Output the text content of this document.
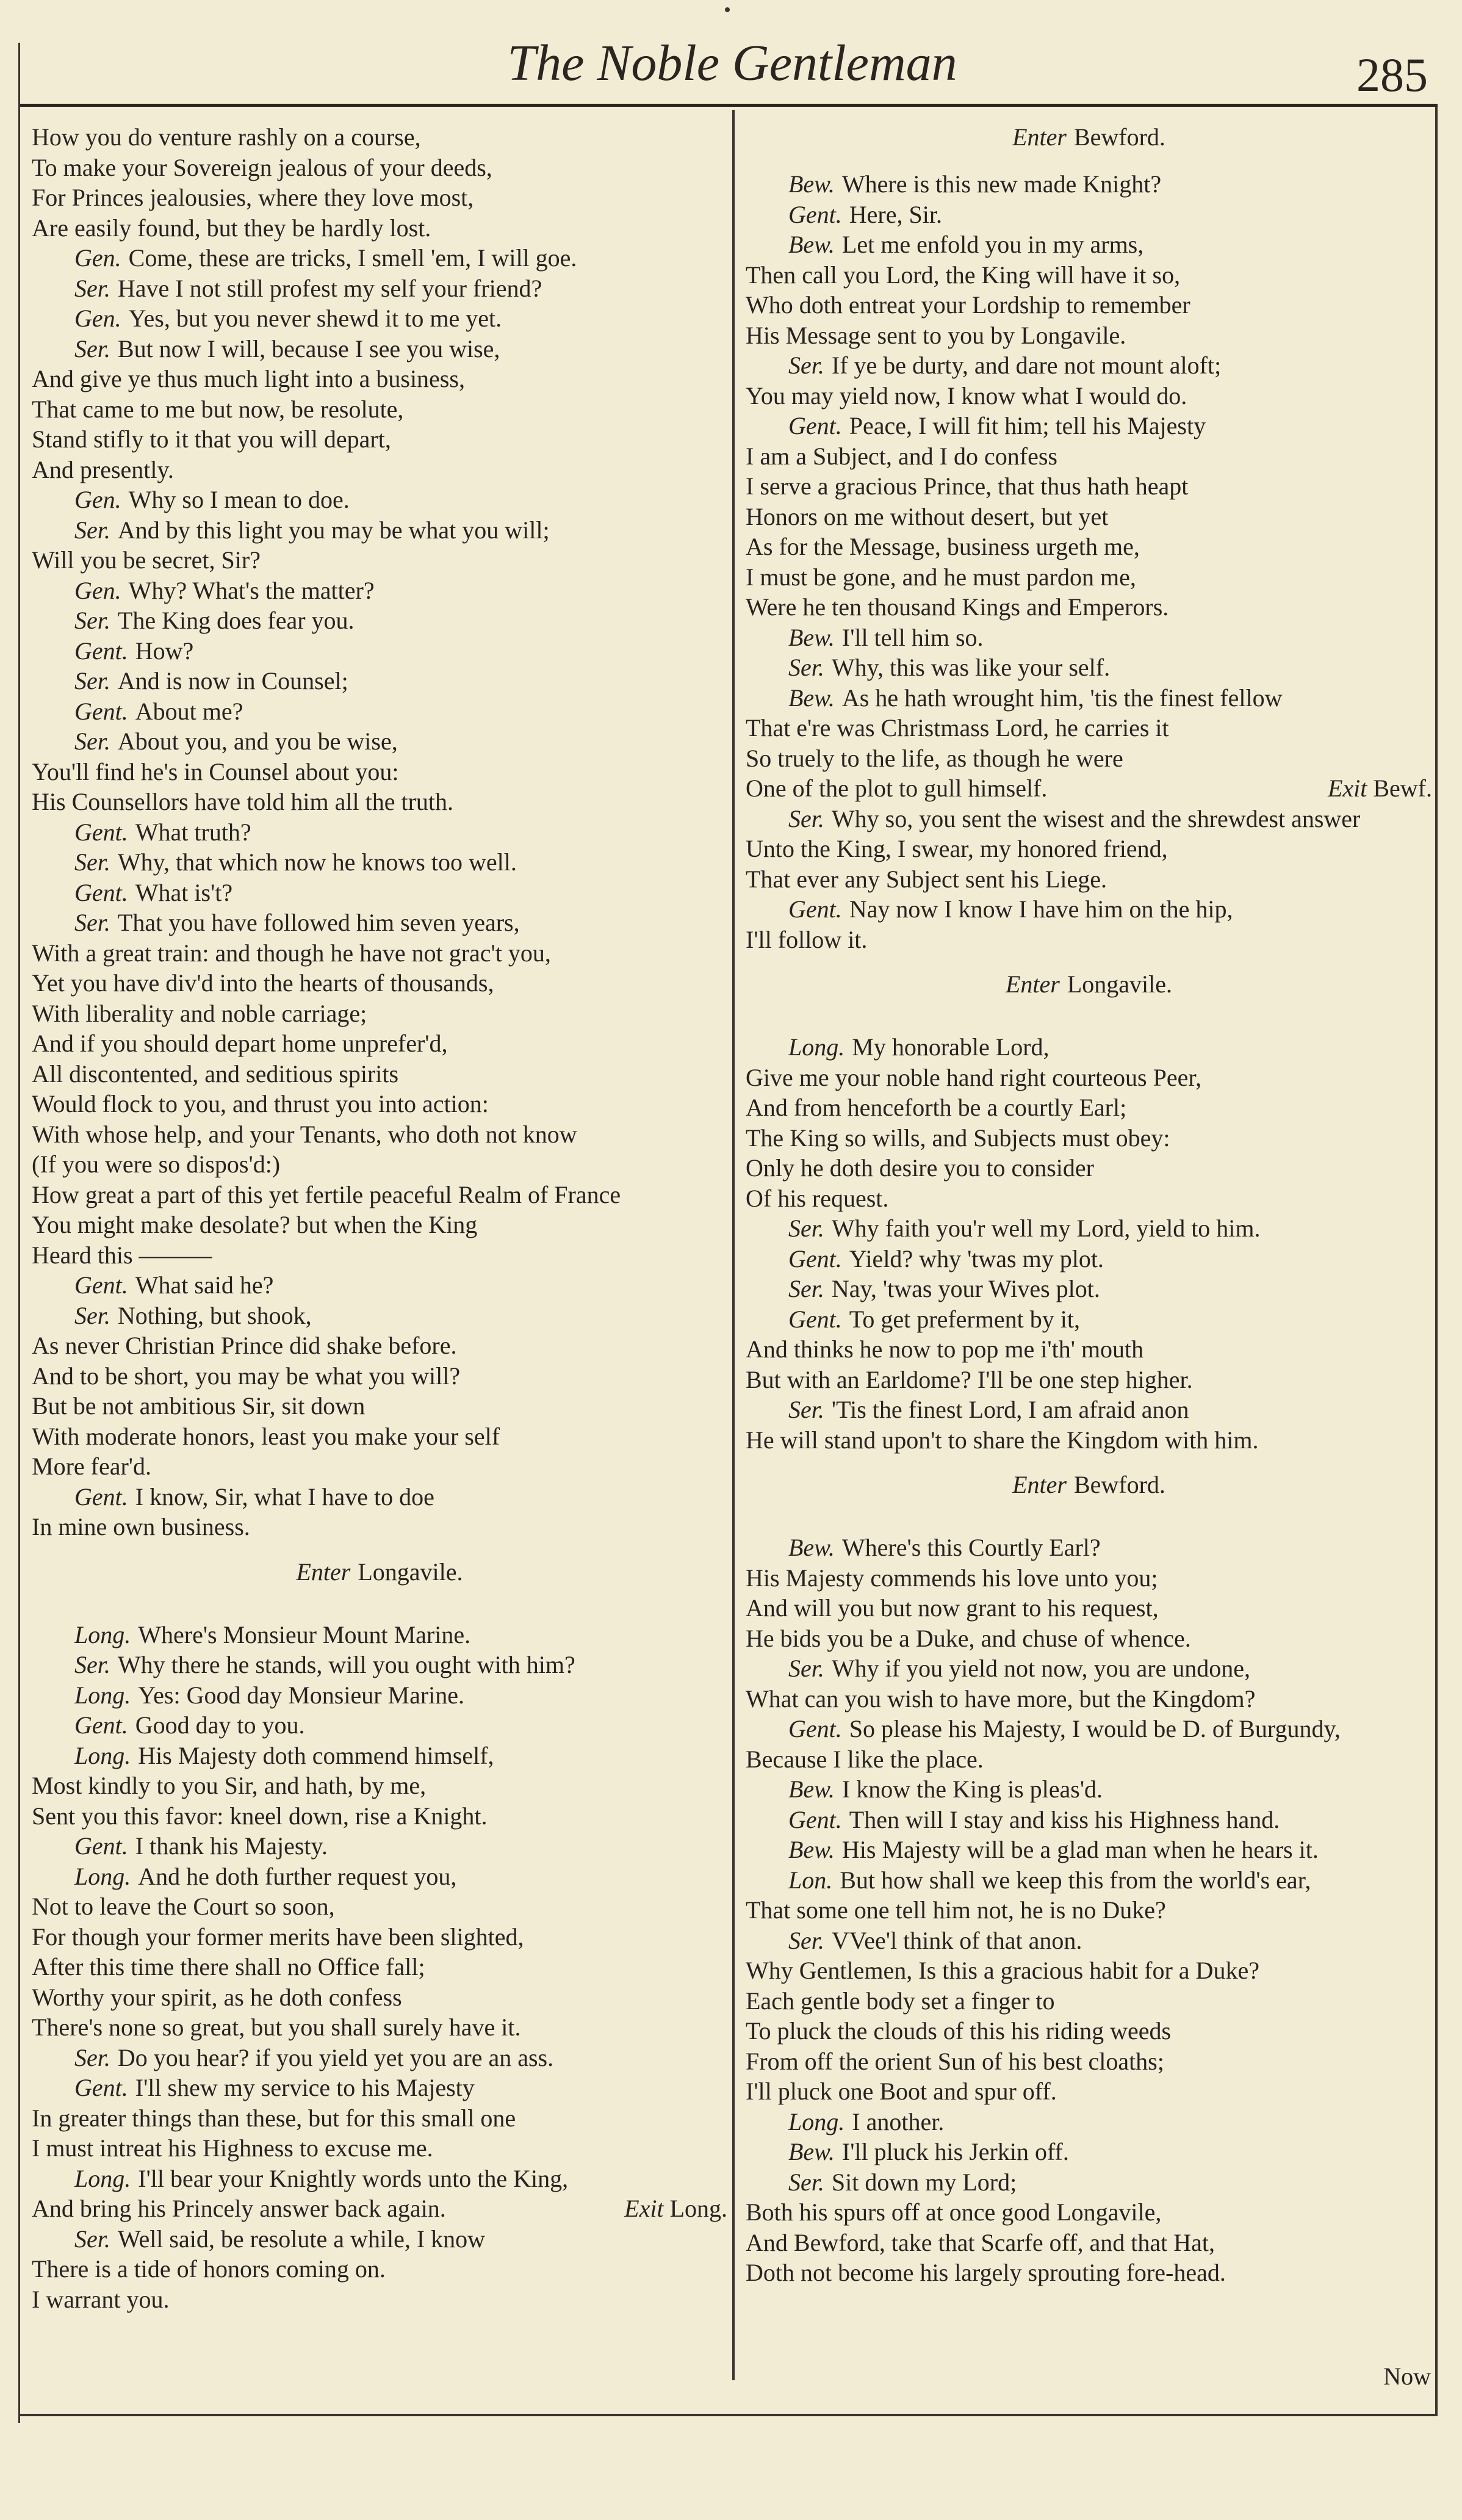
The Noble Gentleman	285
How you do venture rashly on a course,
To make your Sovereign jealous of your deeds,
For Princes jealousies, where they love most,
Are easily found, but they be hardly lost.
Gen. Come, these are tricks, I smell 'em, I will goe.
Ser. Have I not still profest my self your friend?
Gen. Yes, but you never shewd it to me yet.
Ser. But now I will, because I see you wise,
And give ye thus much light into a business,
That came to me but now, be resolute,
Stand stifly to it that you will depart,
And presently.
Gen. Why so I mean to doe.
Ser. And by this light you may be what you will;
Will you be secret, Sir?
Gen. Why? What's the matter?
Ser. The King does fear you.
Gent. How?
Ser. And is now in Counsel;
Gent. About me?
Ser. About you, and you be wise,
You'll find he's in Counsel about you:
His Counsellors have told him all the truth.
Gent. What truth?
Ser. Why, that which now he knows too well.
Gent. What is't?
Ser. That you have followed him seven years,
With a great train: and though he have not grac't you,
Yet you have div'd into the hearts of thousands,
With liberality and noble carriage;
And if you should depart home unprefer'd,
All discontented, and seditious spirits
Would flock to you, and thrust you into action:
With whose help, and your Tenants, who doth not know
(If you were so dispos'd:)
How great a part of this yet fertile peaceful Realm of France
You might make desolate? but when the King
Heard this ———
Gent. What said he?
Ser. Nothing, but shook,
As never Christian Prince did shake before.
And to be short, you may be what you will?
But be not ambitious Sir, sit down
With moderate honors, least you make your self
More fear'd.
Gent. I know, Sir, what I have to doe
In mine own business.
Enter Longavile.
Long. Where's Monsieur Mount Marine.
Ser. Why there he stands, will you ought with him?
Long. Yes: Good day Monsieur Marine.
Gent. Good day to you.
Long. His Majesty doth commend himself,
Most kindly to you Sir, and hath, by me,
Sent you this favor: kneel down, rise a Knight.
Gent. I thank his Majesty.
Long. And he doth further request you,
Not to leave the Court so soon,
For though your former merits have been slighted,
After this time there shall no Office fall;
Worthy your spirit, as he doth confess
There's none so great, but you shall surely have it.
Ser. Do you hear? if you yield yet you are an ass.
Gent. I'll shew my service to his Majesty
In greater things than these, but for this small one
I must intreat his Highness to excuse me.
Long. I'll bear your Knightly words unto the King,
Exit Long.
And bring his Princely answer back again.
Ser. Well said, be resolute a while, I know
There is a tide of honors coming on.
I warrant you.
Enter Bewford.
Bew. Where is this new made Knight?
Gent. Here, Sir.
Bew. Let me enfold you in my arms,
Then call you Lord, the King will have it so,
Who doth entreat your Lordship to remember
His Message sent to you by Longavile.
Ser. If ye be durty, and dare not mount aloft;
You may yield now, I know what I would do.
Gent. Peace, I will fit him; tell his Majesty
I am a Subject, and I do confess
I serve a gracious Prince, that thus hath heapt
Honors on me without desert, but yet
As for the Message, business urgeth me,
I must be gone, and he must pardon me,
Were he ten thousand Kings and Emperors.
Bew. I'll tell him so.
Ser. Why, this was like your self.
Bew. As he hath wrought him, 'tis the finest fellow
That e're was Christmass Lord, he carries it
So truely to the life, as though he were
Exit Bewf.
One of the plot to gull himself.
Ser. Why so, you sent the wisest and the shrewdest answer
Unto the King, I swear, my honored friend,
That ever any Subject sent his Liege.
Gent. Nay now I know I have him on the hip,
I'll follow it.
Enter Longavile.
Long. My honorable Lord,
Give me your noble hand right courteous Peer,
And from henceforth be a courtly Earl;
The King so wills, and Subjects must obey:
Only he doth desire you to consider
Of his request.
Ser. Why faith you'r well my Lord, yield to him.
Gent. Yield? why 'twas my plot.
Ser. Nay, 'twas your Wives plot.
Gent. To get preferment by it,
And thinks he now to pop me i'th' mouth
But with an Earldome? I'll be one step higher.
Ser. 'Tis the finest Lord, I am afraid anon
He will stand upon't to share the Kingdom with him.
Enter Bewford.
Bew. Where's this Courtly Earl?
His Majesty commends his love unto you;
And will you but now grant to his request,
He bids you be a Duke, and chuse of whence.
Ser. Why if you yield not now, you are undone,
What can you wish to have more, but the Kingdom?
Gent. So please his Majesty, I would be D. of Burgundy,
Because I like the place.
Bew. I know the King is pleas'd.
Gent. Then will I stay and kiss his Highness hand.
Bew. His Majesty will be a glad man when he hears it.
Lon. But how shall we keep this from the world's ear,
That some one tell him not, he is no Duke?
Ser. VVee'l think of that anon.
Why Gentlemen, Is this a gracious habit for a Duke?
Each gentle body set a finger to
To pluck the clouds of this his riding weeds
From off the orient Sun of his best cloaths;
I'll pluck one Boot and spur off.
Long. I another.
Bew. I'll pluck his Jerkin off.
Ser. Sit down my Lord;
Both his spurs off at once good Longavile,
And Bewford, take that Scarfe off, and that Hat,
Doth not become his largely sprouting fore-head.
Now
